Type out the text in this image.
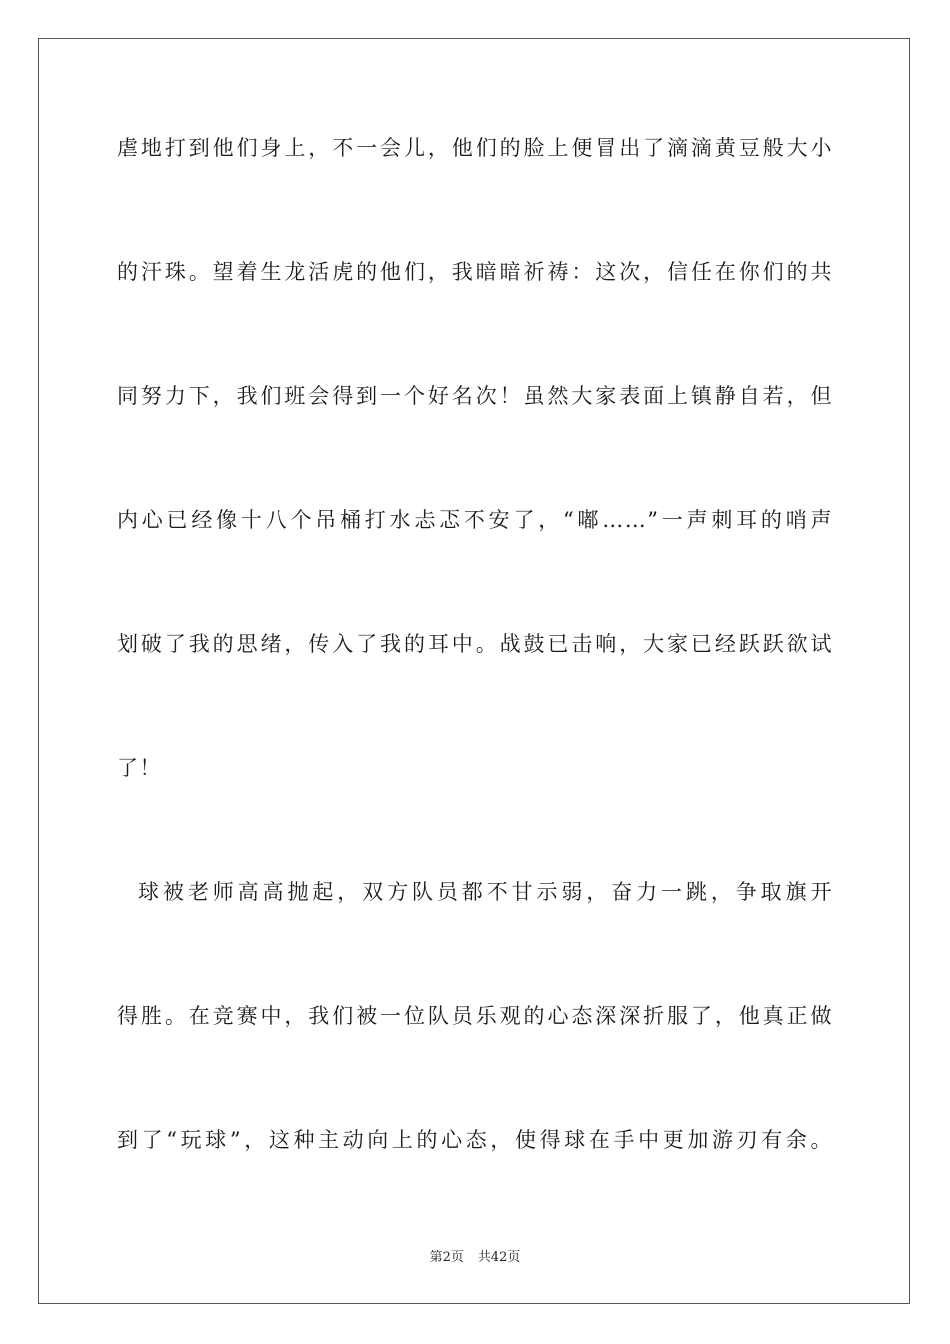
虐地打到他们身上，不一会儿，他们的脸上便冒出了滴滴黄豆般大小
的汗珠。望着生龙活虎的他们，我暗暗祈祷：这次，信任在你们的共
同努力下，我们班会得到一个好名次！虽然大家表面上镇静自若，但
内心已经像十八个吊桶打水忐忑不安了，“嘟……”一声刺耳的哨声
划破了我的思绪，传入了我的耳中。战鼓已击响，大家已经跃跃欲试
了！
球被老师高高抛起，双方队员都不甘示弱，奋力一跳，争取旗开
得胜。在竞赛中，我们被一位队员乐观的心态深深折服了，他真正做
到了“玩球”，这种主动向上的心态，使得球在手中更加游刃有余。
第2页 共42页
